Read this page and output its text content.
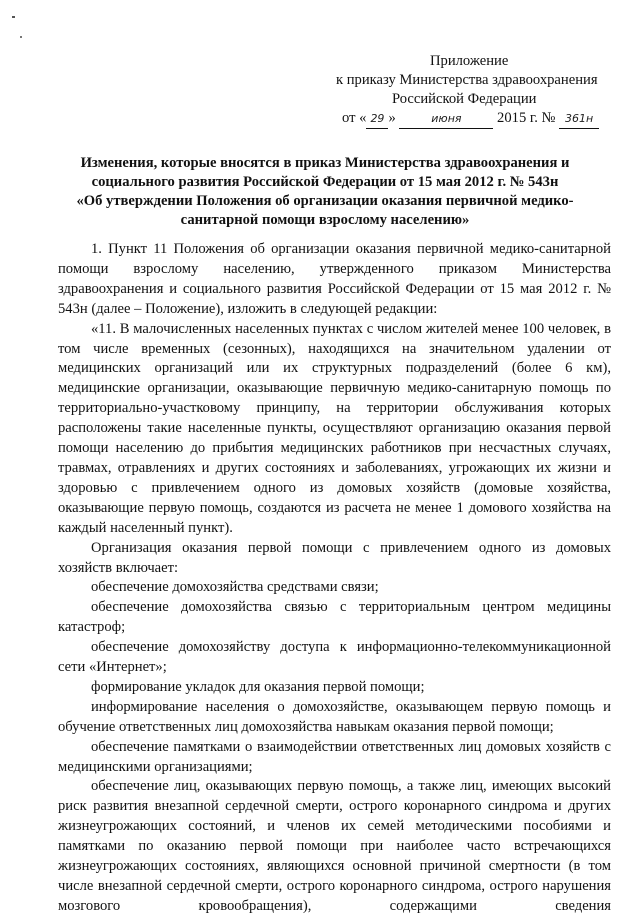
Приложение
к приказу Министерства здравоохранения
Российской Федерации
от « 29 »	июня 2015 г. № 361н
Изменения, которые вносятся в приказ Министерства здравоохранения и
социального развития Российской Федерации от 15 мая 2012 г. № 543н
«Об утверждении Положения об организации оказания первичной медико-
санитарной помощи взрослому населению»

1. Пункт 11 Положения об организации оказания первичной медико-санитарной помощи взрослому населению, утвержденного приказом Министерства здравоохранения и социального развития Российской Федерации от 15 мая 2012 г. № 543н (далее – Положение), изложить в следующей редакции:

«11. В малочисленных населенных пунктах с числом жителей менее 100 человек, в том числе временных (сезонных), находящихся на значительном удалении от медицинских организаций или их структурных подразделений (более 6 км), медицинские организации, оказывающие первичную медико-санитарную помощь по территориально-участковому принципу, на территории обслуживания которых расположены такие населенные пункты, осуществляют организацию оказания первой помощи населению до прибытия медицинских работников при несчастных случаях, травмах, отравлениях и других состояниях и заболеваниях, угрожающих их жизни и здоровью с привлечением одного из домовых хозяйств (домовые хозяйства, оказывающие первую помощь, создаются из расчета не менее 1 домового хозяйства на каждый населенный пункт).

Организация оказания первой помощи с привлечением одного из домовых хозяйств включает:

обеспечение домохозяйства средствами связи;

обеспечение домохозяйства связью с территориальным центром медицины катастроф;

обеспечение домохозяйству доступа к информационно-телекоммуникационной сети «Интернет»;

формирование укладок для оказания первой помощи;

информирование населения о домохозяйстве, оказывающем первую помощь и обучение ответственных лиц домохозяйства навыкам оказания первой помощи;

обеспечение памятками о взаимодействии ответственных лиц домовых хозяйств с медицинскими организациями;

обеспечение лиц, оказывающих первую помощь, а также лиц, имеющих высокий риск развития внезапной сердечной смерти, острого коронарного синдрома и других жизнеугрожающих состояний, и членов их семей методическими пособиями и памятками по оказанию первой помощи при наиболее часто встречающихся жизнеугрожающих состояниях, являющихся основной причиной смертности (в том числе внезапной сердечной смерти, острого коронарного синдрома, острого нарушения мозгового кровообращения), содержащими сведения
